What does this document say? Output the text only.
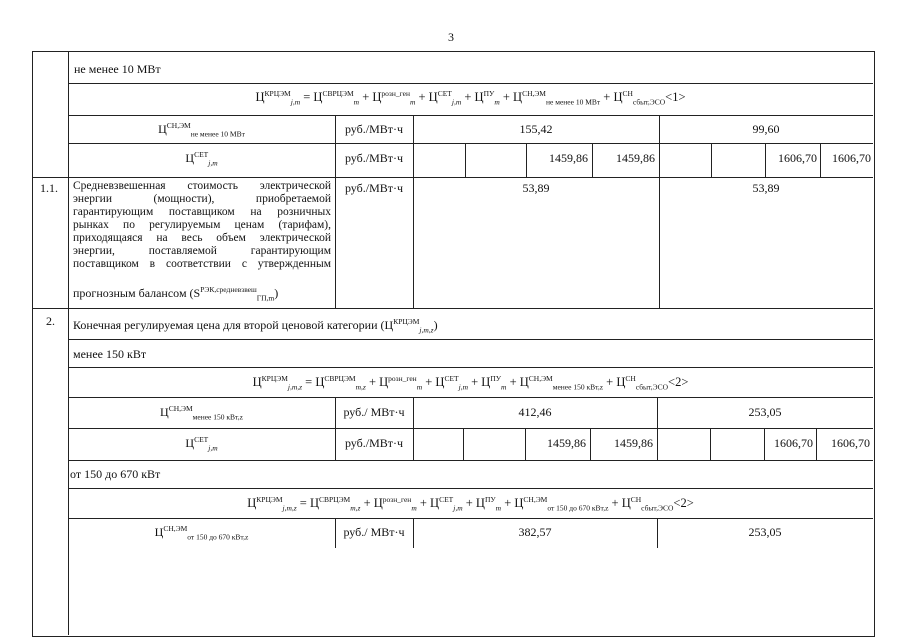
3
не менее 10 МВт
$Ц^{КРЦЭМ}_{j,m} = Ц^{СВРЦЭМ}_m + Ц^{розн\_ген}_m + Ц^{СЕТ}_{j,m} + Ц^{ПУ}_m + Ц^{СН,ЭМ}_{не менее 10 МВт} + Ц^{СН}_{сбыт,ЭСО}<1>$
$Ц^{СН,ЭМ}_{не менее 10 МВт}$	руб./МВт·ч	155,42	99,60
$Ц^{СЕТ}_{j,m}$	руб./МВт·ч	1459,86	1459,86	1606,70	1606,70
1.1. Средневзвешенная стоимость электрической
энергии (мощности), приобретаемой
гарантирующим поставщиком на розничных
рынках по регулируемым ценам (тарифам),
приходящаяся на весь объем электрической
энергии, поставляемой гарантирующим
поставщиком в соответствии с утвержденным
прогнозным балансом $(S^{РЭК,средневзвеш}_{ГП,m})$
руб./МВт·ч	53,89	53,89
2. Конечная регулируемая цена для второй ценовой категории $(Ц^{КРЦЭМ}_{j,m,z})$
менее 150 кВт
$Ц^{КРЦЭМ}_{j,m,z} = Ц^{СВРЦЭМ}_{m,z} + Ц^{розн\_ген}_m + Ц^{СЕТ}_{j,m} + Ц^{ПУ}_m + Ц^{СН,ЭМ}_{менее 150 кВт,z} + Ц^{СН}_{сбыт,ЭСО}<2>$
$Ц^{СН,ЭМ}_{менее 150 кВт,z}$	руб./ МВт·ч	412,46	253,05
$Ц^{СЕТ}_{j,m}$	руб./МВт·ч	1459,86	1459,86	1606,70	1606,70
от 150 до 670 кВт
$Ц^{КРЦЭМ}_{j,m,z} = Ц^{СВРЦЭМ}_{m,z} + Ц^{розн\_ген}_m + Ц^{СЕТ}_{j,m} + Ц^{ПУ}_m + Ц^{СН,ЭМ}_{от 150 до 670 кВт,z} + Ц^{СН}_{сбыт,ЭСО}<2>$
$Ц^{СН,ЭМ}_{от 150 до 670 кВт,z}$	руб./ МВт·ч	382,57	253,05
